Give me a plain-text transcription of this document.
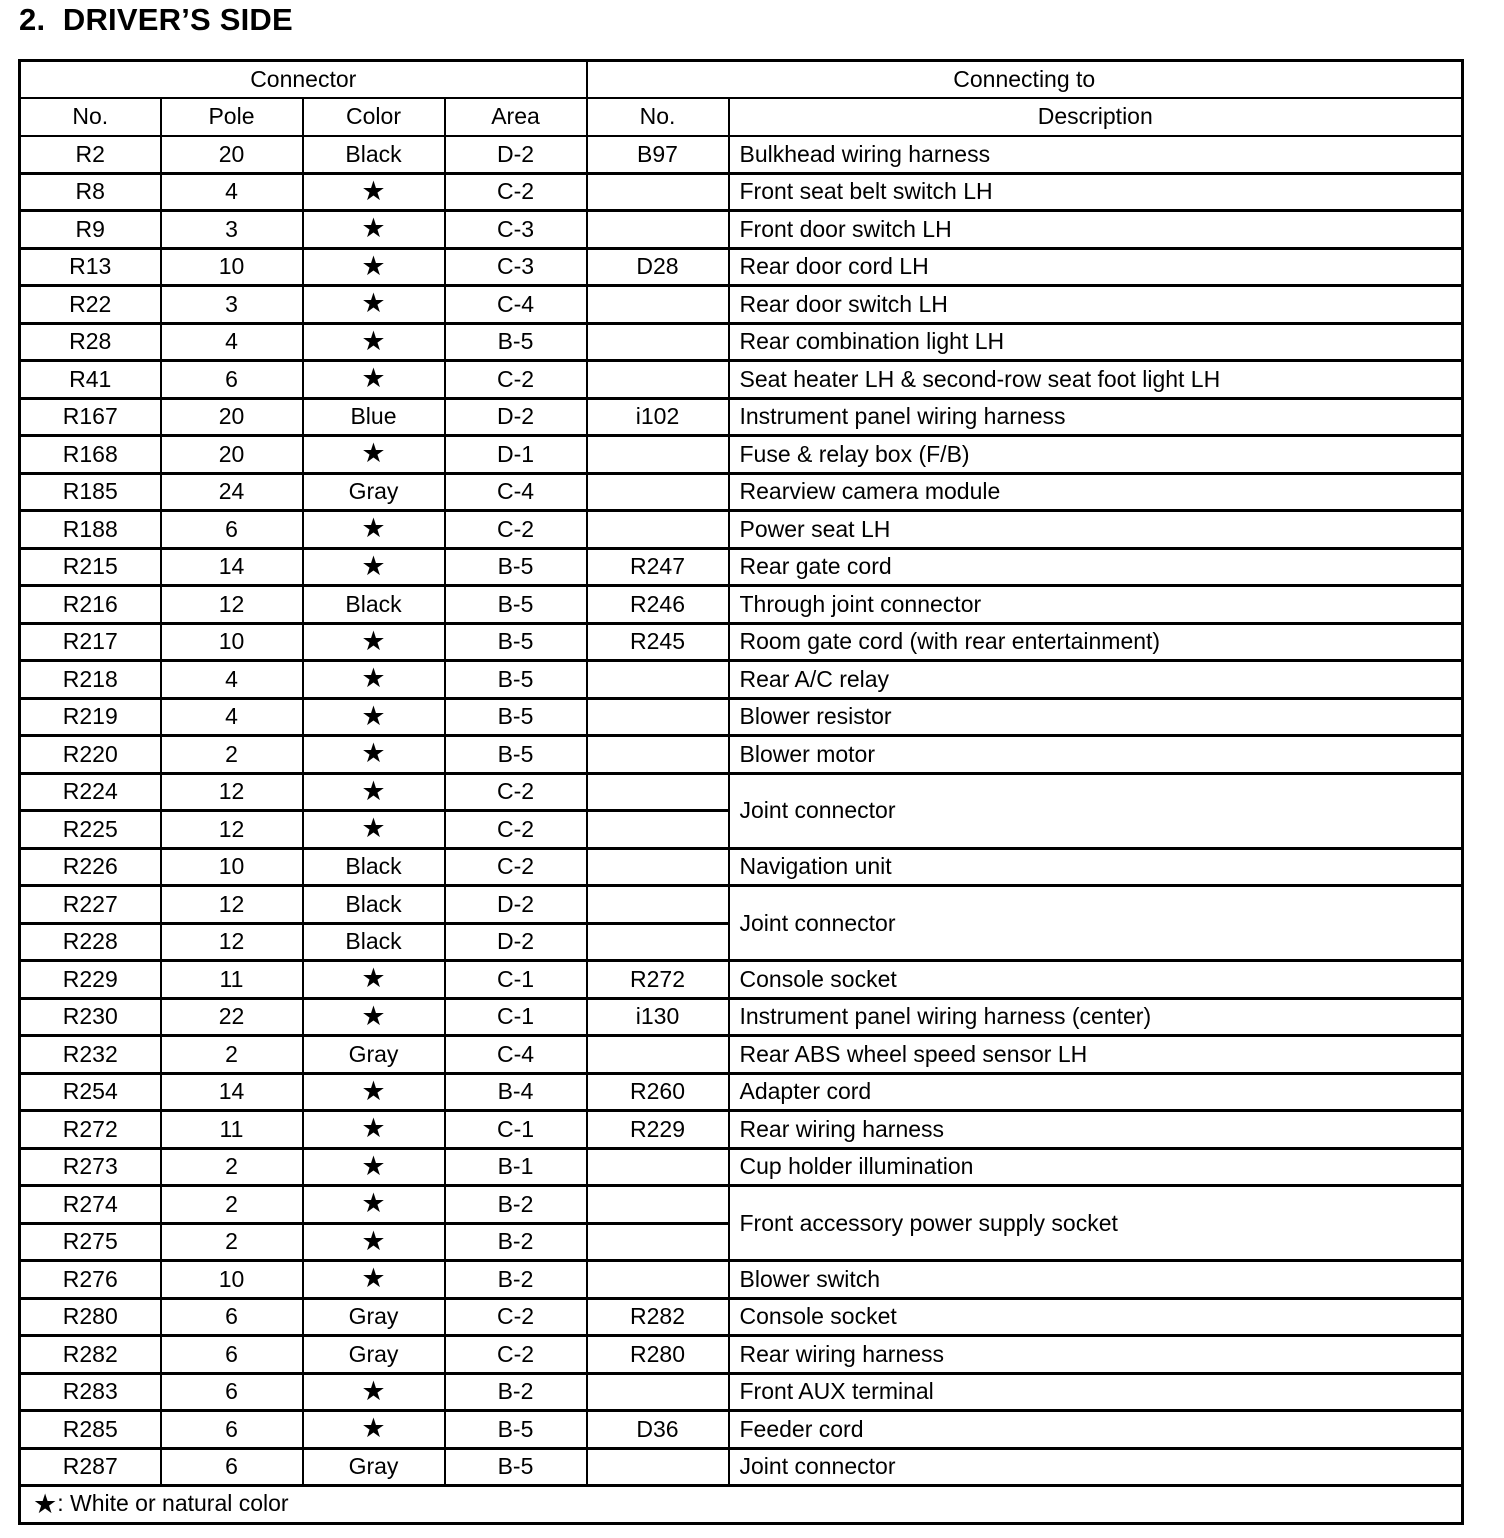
2.  DRIVER’S SIDE
Connector				Connecting to	
No.	Pole	Color	Area	No.	Description
R2	20	Black	D-2	B97	Bulkhead wiring harness
R8	4	★	C-2		Front seat belt switch LH
R9	3	★	C-3		Front door switch LH
R13	10	★	C-3	D28	Rear door cord LH
R22	3	★	C-4		Rear door switch LH
R28	4	★	B-5		Rear combination light LH
R41	6	★	C-2		Seat heater LH & second-row seat foot light LH
R167	20	Blue	D-2	i102	Instrument panel wiring harness
R168	20	★	D-1		Fuse & relay box (F/B)
R185	24	Gray	C-4		Rearview camera module
R188	6	★	C-2		Power seat LH
R215	14	★	B-5	R247	Rear gate cord
R216	12	Black	B-5	R246	Through joint connector
R217	10	★	B-5	R245	Room gate cord (with rear entertainment)
R218	4	★	B-5		Rear A/C relay
R219	4	★	B-5		Blower resistor
R220	2	★	B-5		Blower motor
R224	12	★	C-2		Joint connector
R225	12	★	C-2		
R226	10	Black	C-2		Navigation unit
R227	12	Black	D-2		Joint connector
R228	12	Black	D-2		
R229	11	★	C-1	R272	Console socket
R230	22	★	C-1	i130	Instrument panel wiring harness (center)
R232	2	Gray	C-4		Rear ABS wheel speed sensor LH
R254	14	★	B-4	R260	Adapter cord
R272	11	★	C-1	R229	Rear wiring harness
R273	2	★	B-1		Cup holder illumination
R274	2	★	B-2		Front accessory power supply socket
R275	2	★	B-2		
R276	10	★	B-2		Blower switch
R280	6	Gray	C-2	R282	Console socket
R282	6	Gray	C-2	R280	Rear wiring harness
R283	6	★	B-2		Front AUX terminal
R285	6	★	B-5	D36	Feeder cord
R287	6	Gray	B-5		Joint connector
★: White or natural color					
